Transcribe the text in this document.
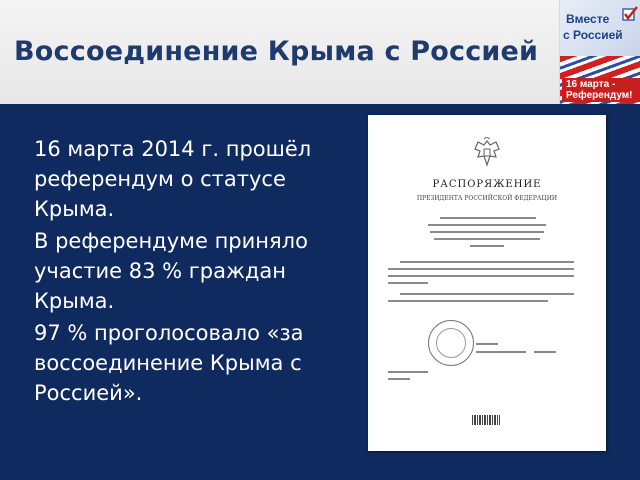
Воссоединение Крыма с Россией
Вместе
с Россией
16 марта -
Референдум!

16 марта 2014 г. прошёл референдум о статусе Крыма.

В референдуме приняло участие 83 % граждан Крыма.

97 % проголосовало «за воссоединение Крыма с Россией».

РАСПОРЯЖЕНИЕ
ПРЕЗИДЕНТА РОССИЙСКОЙ ФЕДЕРАЦИИ
